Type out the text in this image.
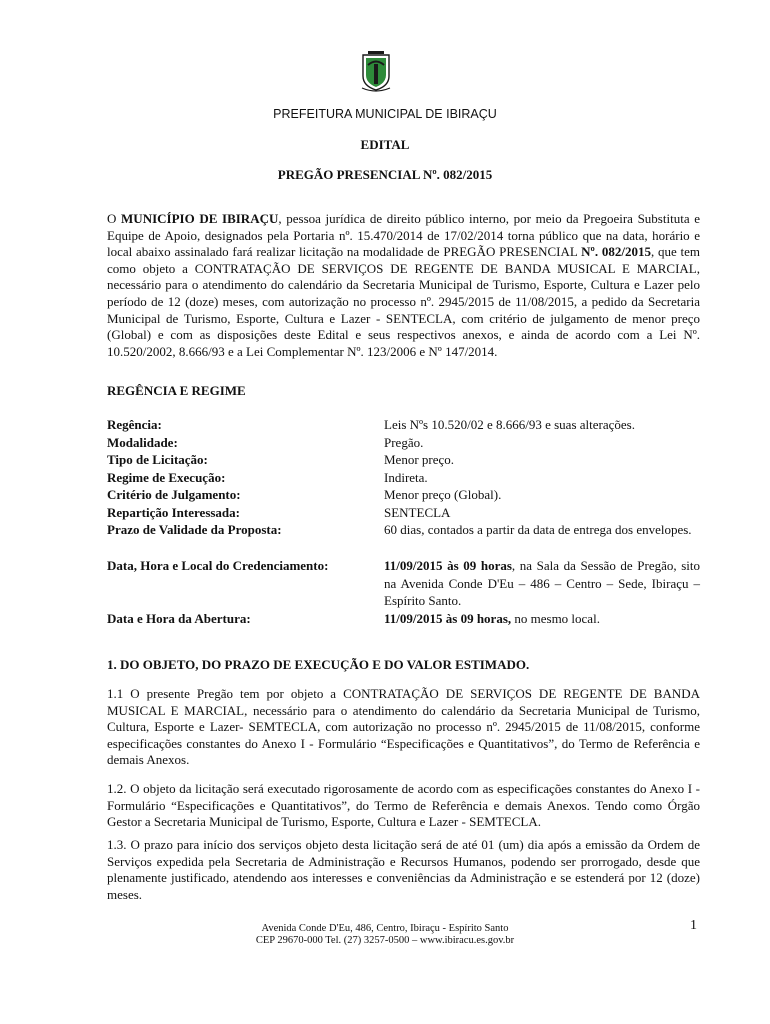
PREFEITURA MUNICIPAL DE IBIRAÇU
EDITAL
PREGÃO PRESENCIAL Nº. 082/2015

O MUNICÍPIO DE IBIRAÇU, pessoa jurídica de direito público interno, por meio da Pregoeira Substituta e Equipe de Apoio, designados pela Portaria nº. 15.470/2014 de 17/02/2014 torna público que na data, horário e local abaixo assinalado fará realizar licitação na modalidade de PREGÃO PRESENCIAL Nº. 082/2015, que tem como objeto a CONTRATAÇÃO DE SERVIÇOS DE REGENTE DE BANDA MUSICAL E MARCIAL, necessário para o atendimento do calendário da Secretaria Municipal de Turismo, Esporte, Cultura e Lazer pelo período de 12 (doze) meses, com autorização no processo nº. 2945/2015 de 11/08/2015, a pedido da Secretaria Municipal de Turismo, Esporte, Cultura e Lazer - SENTECLA, com critério de julgamento de menor preço (Global) e com as disposições deste Edital e seus respectivos anexos, e ainda de acordo com a Lei Nº. 10.520/2002, 8.666/93 e a Lei Complementar Nº. 123/2006 e Nº 147/2014.

REGÊNCIA E REGIME
Regência:	Leis Nºs 10.520/02 e 8.666/93 e suas alterações.
Modalidade:	Pregão.
Tipo de Licitação:	Menor preço.
Regime de Execução:	Indireta.
Critério de Julgamento:	Menor preço (Global).
Repartição Interessada:	SENTECLA
Prazo de Validade da Proposta:	60 dias, contados a partir da data de entrega dos envelopes.
Data, Hora e Local do Credenciamento:	11/09/2015 às 09 horas, na Sala da Sessão de Pregão, sito na Avenida Conde D'Eu – 486 – Centro – Sede, Ibiraçu – Espírito Santo.
Data e Hora da Abertura:	11/09/2015 às 09 horas, no mesmo local.
1. DO OBJETO, DO PRAZO DE EXECUÇÃO E DO VALOR ESTIMADO.

1.1 O presente Pregão tem por objeto a CONTRATAÇÃO DE SERVIÇOS DE REGENTE DE BANDA MUSICAL E MARCIAL, necessário para o atendimento do calendário da Secretaria Municipal de Turismo, Cultura, Esporte e Lazer- SEMTECLA, com autorização no processo nº. 2945/2015 de 11/08/2015, conforme especificações constantes do Anexo I - Formulário “Especificações e Quantitativos”, do Termo de Referência e demais Anexos.

1.2. O objeto da licitação será executado rigorosamente de acordo com as especificações constantes do Anexo I - Formulário “Especificações e Quantitativos”, do Termo de Referência e demais Anexos. Tendo como Órgão Gestor a Secretaria Municipal de Turismo, Esporte, Cultura e Lazer - SEMTECLA.

1.3. O prazo para início dos serviços objeto desta licitação será de até 01 (um) dia após a emissão da Ordem de Serviços expedida pela Secretaria de Administração e Recursos Humanos, podendo ser prorrogado, desde que plenamente justificado, atendendo aos interesses e conveniências da Administração e se estenderá por 12 (doze) meses.

1
Avenida Conde D'Eu, 486, Centro, Ibiraçu - Espírito Santo
CEP 29670-000 Tel. (27) 3257-0500 – www.ibiracu.es.gov.br
